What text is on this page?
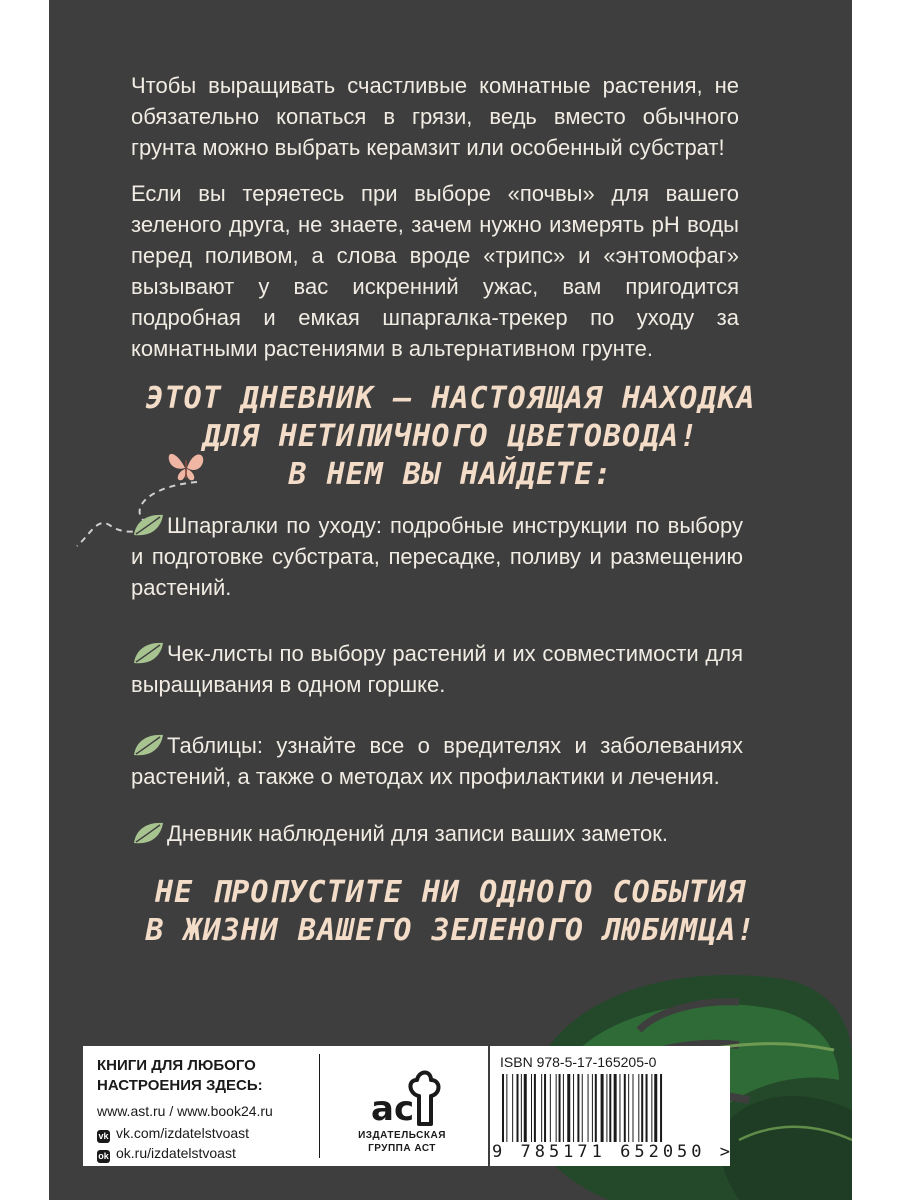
Чтобы выращивать счастливые комнатные растения, не обязательно копаться в грязи, ведь вместо обычного грунта можно выбрать керамзит или особенный субстрат!

Если вы теряетесь при выборе «почвы» для вашего зеленого друга, не знаете, зачем нужно измерять pH воды перед поливом, а слова вроде «трипс» и «энтомофаг» вызывают у вас искренний ужас, вам пригодится подробная и емкая шпаргалка-трекер по уходу за комнатными растениями в альтернативном грунте.

ЭТОТ ДНЕВНИК — НАСТОЯЩАЯ НАХОДКА
ДЛЯ НЕТИПИЧНОГО ЦВЕТОВОДА!
В НЕМ ВЫ НАЙДЕТЕ:

Шпаргалки по уходу: подробные инструкции по выбору и подготовке субстрата, пересадке, поливу и размещению растений.

Чек-листы по выбору растений и их совместимости для выращивания в одном горшке.

Таблицы: узнайте все о вредителях и заболеваниях растений, а также о методах их профилактики и лечения.

Дневник наблюдений для записи ваших заметок.

НЕ ПРОПУСТИТЕ НИ ОДНОГО СОБЫТИЯ
В ЖИЗНИ ВАШЕГО ЗЕЛЕНОГО ЛЮБИМЦА!

КНИГИ ДЛЯ ЛЮБОГО
НАСТРОЕНИЯ ЗДЕСЬ:

www.ast.ru / www.book24.ru
vk vk.com/izdatelstvoast
ok ok.ru/izdatelstvoast
ac
ИЗДАТЕЛЬСКАЯ
ГРУППА АСТ
ISBN 978-5-17-165205-0
9 785171 652050 >
